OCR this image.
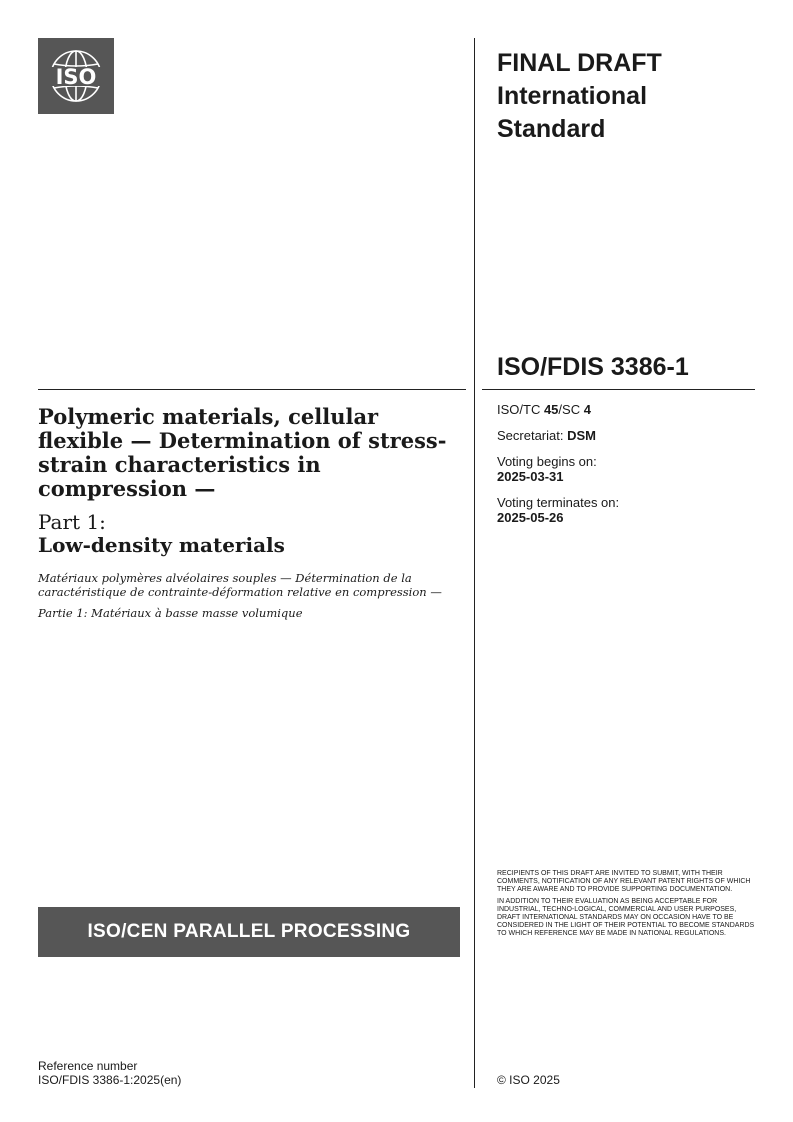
ISO	FINAL DRAFT
International
Standard
ISO/FDIS 3386-1
ISO/TC 45/SC 4
Secretariat: DSM
Voting begins on:
2025-03-31
Voting terminates on:
2025-05-26
Polymeric materials, cellular flexible — Determination of stress-strain characteristics in compression —
Part 1:
Low-density materials

Matériaux polymères alvéolaires souples — Détermination de la caractéristique de contrainte-déformation relative en compression —

Partie 1: Matériaux à basse masse volumique

ISO/CEN PARALLEL PROCESSING

RECIPIENTS OF THIS DRAFT ARE INVITED TO SUBMIT, WITH THEIR COMMENTS, NOTIFICATION OF ANY RELEVANT PATENT RIGHTS OF WHICH THEY ARE AWARE AND TO PROVIDE SUPPORTING DOCUMENTATION.

IN ADDITION TO THEIR EVALUATION AS BEING ACCEPTABLE FOR INDUSTRIAL, TECHNO-LOGICAL, COMMERCIAL AND USER PURPOSES, DRAFT INTERNATIONAL STANDARDS MAY ON OCCASION HAVE TO BE CONSIDERED IN THE LIGHT OF THEIR POTENTIAL TO BECOME STANDARDS TO WHICH REFERENCE MAY BE MADE IN NATIONAL REGULATIONS.

Reference number
ISO/FDIS 3386-1:2025(en)	© ISO 2025
